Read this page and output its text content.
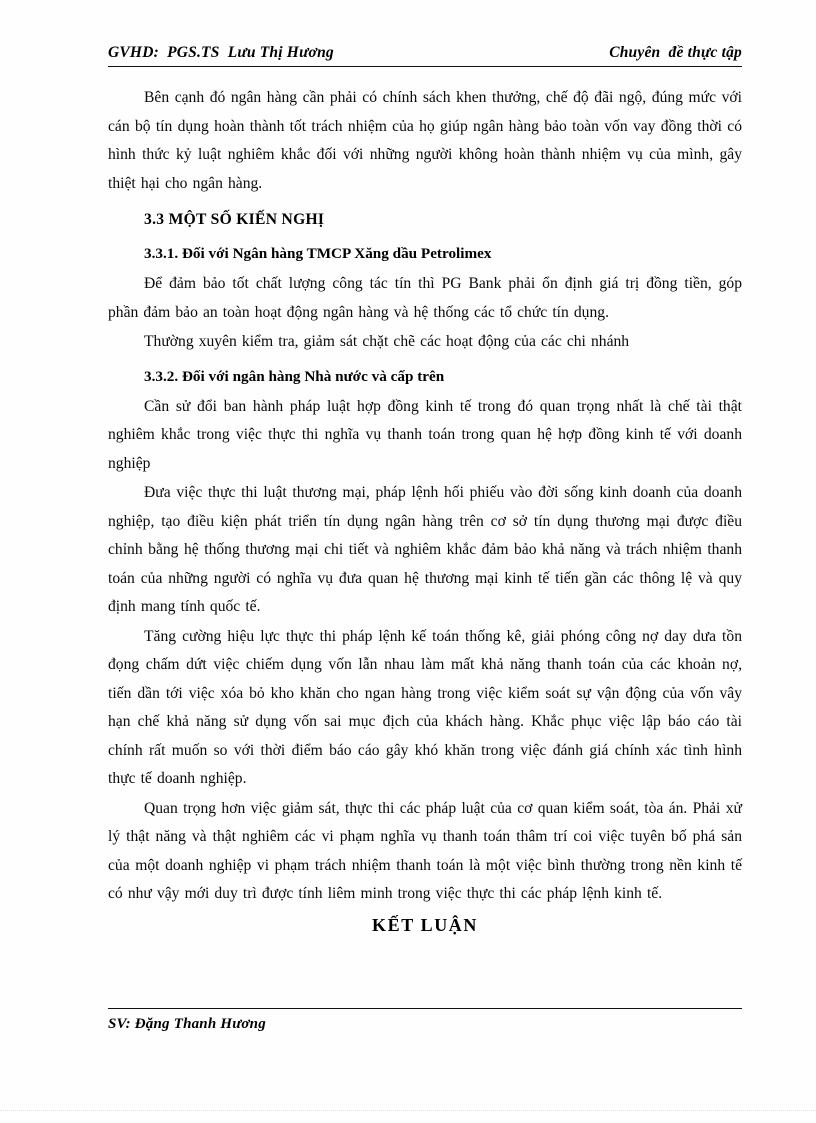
GVHD:  PGS.TS  Lưu Thị Hương	Chuyên  đề thực tập

Bên cạnh đó ngân hàng cần phải có chính sách khen thưởng, chế độ đãi ngộ, đúng mức với cán bộ tín dụng hoàn thành tốt trách nhiệm của họ giúp ngân hàng bảo toàn vốn vay đồng thời có hình thức kỷ luật nghiêm khắc đối với những người không hoàn thành nhiệm vụ của mình, gây thiệt hại cho ngân hàng.

3.3 MỘT SỐ KIẾN NGHỊ
3.3.1. Đối với Ngân hàng TMCP Xăng dầu Petrolimex

Để đảm bảo tốt chất lượng công tác tín thì PG Bank phải ổn định giá trị đồng tiền, góp phần đảm bảo an toàn hoạt động ngân hàng và hệ thống các tổ chức tín dụng.

Thường xuyên kiểm tra, giảm sát chặt chẽ các hoạt động của các chi nhánh

3.3.2. Đối với ngân hàng Nhà nước và cấp trên

Cần sử đổi ban hành pháp luật hợp đồng kinh tế trong đó quan trọng nhất là chế tài thật nghiêm khắc trong việc thực thi nghĩa vụ thanh toán trong quan hệ hợp đồng kinh tế với doanh nghiệp

Đưa việc thực thi luật thương mại, pháp lệnh hối phiếu vào đời sống kinh doanh của doanh nghiệp, tạo điều kiện phát triển tín dụng ngân hàng trên cơ sở tín dụng thương mại được điều chỉnh bằng hệ thống thương mại chi tiết và nghiêm khắc đảm bảo khả năng và trách nhiệm thanh toán của những người có nghĩa vụ đưa quan hệ thương mại kinh tế tiến gần các thông lệ và quy định mang tính quốc tế.

Tăng cường hiệu lực thực thi pháp lệnh kế toán thống kê, giải phóng công nợ day dưa tồn đọng chấm dứt việc chiếm dụng vốn lẫn nhau làm mất khả năng thanh toán của các khoản nợ, tiến dần tới việc xóa bỏ kho khăn cho ngan hàng trong việc kiểm soát sự vận động của vốn vây hạn chế khả năng sử dụng vốn sai mục địch của khách hàng. Khắc phục việc lập báo cáo tài chính rất muốn so với thời điểm báo cáo gây khó khăn trong việc đánh giá chính xác tình hình thực tế doanh nghiệp.

Quan trọng hơn việc giảm sát, thực thi các pháp luật của cơ quan kiểm soát, tòa án. Phải xử lý thật năng và thật nghiêm các vi phạm nghĩa vụ thanh toán thâm trí coi việc tuyên bố phá sản của một doanh nghiệp vi phạm trách nhiệm thanh toán là một việc bình thường trong nền kinh tế có như vậy mới duy trì được tính liêm minh trong việc thực thi các pháp lệnh kinh tế.

KẾT LUẬN
SV: Đặng Thanh Hương
